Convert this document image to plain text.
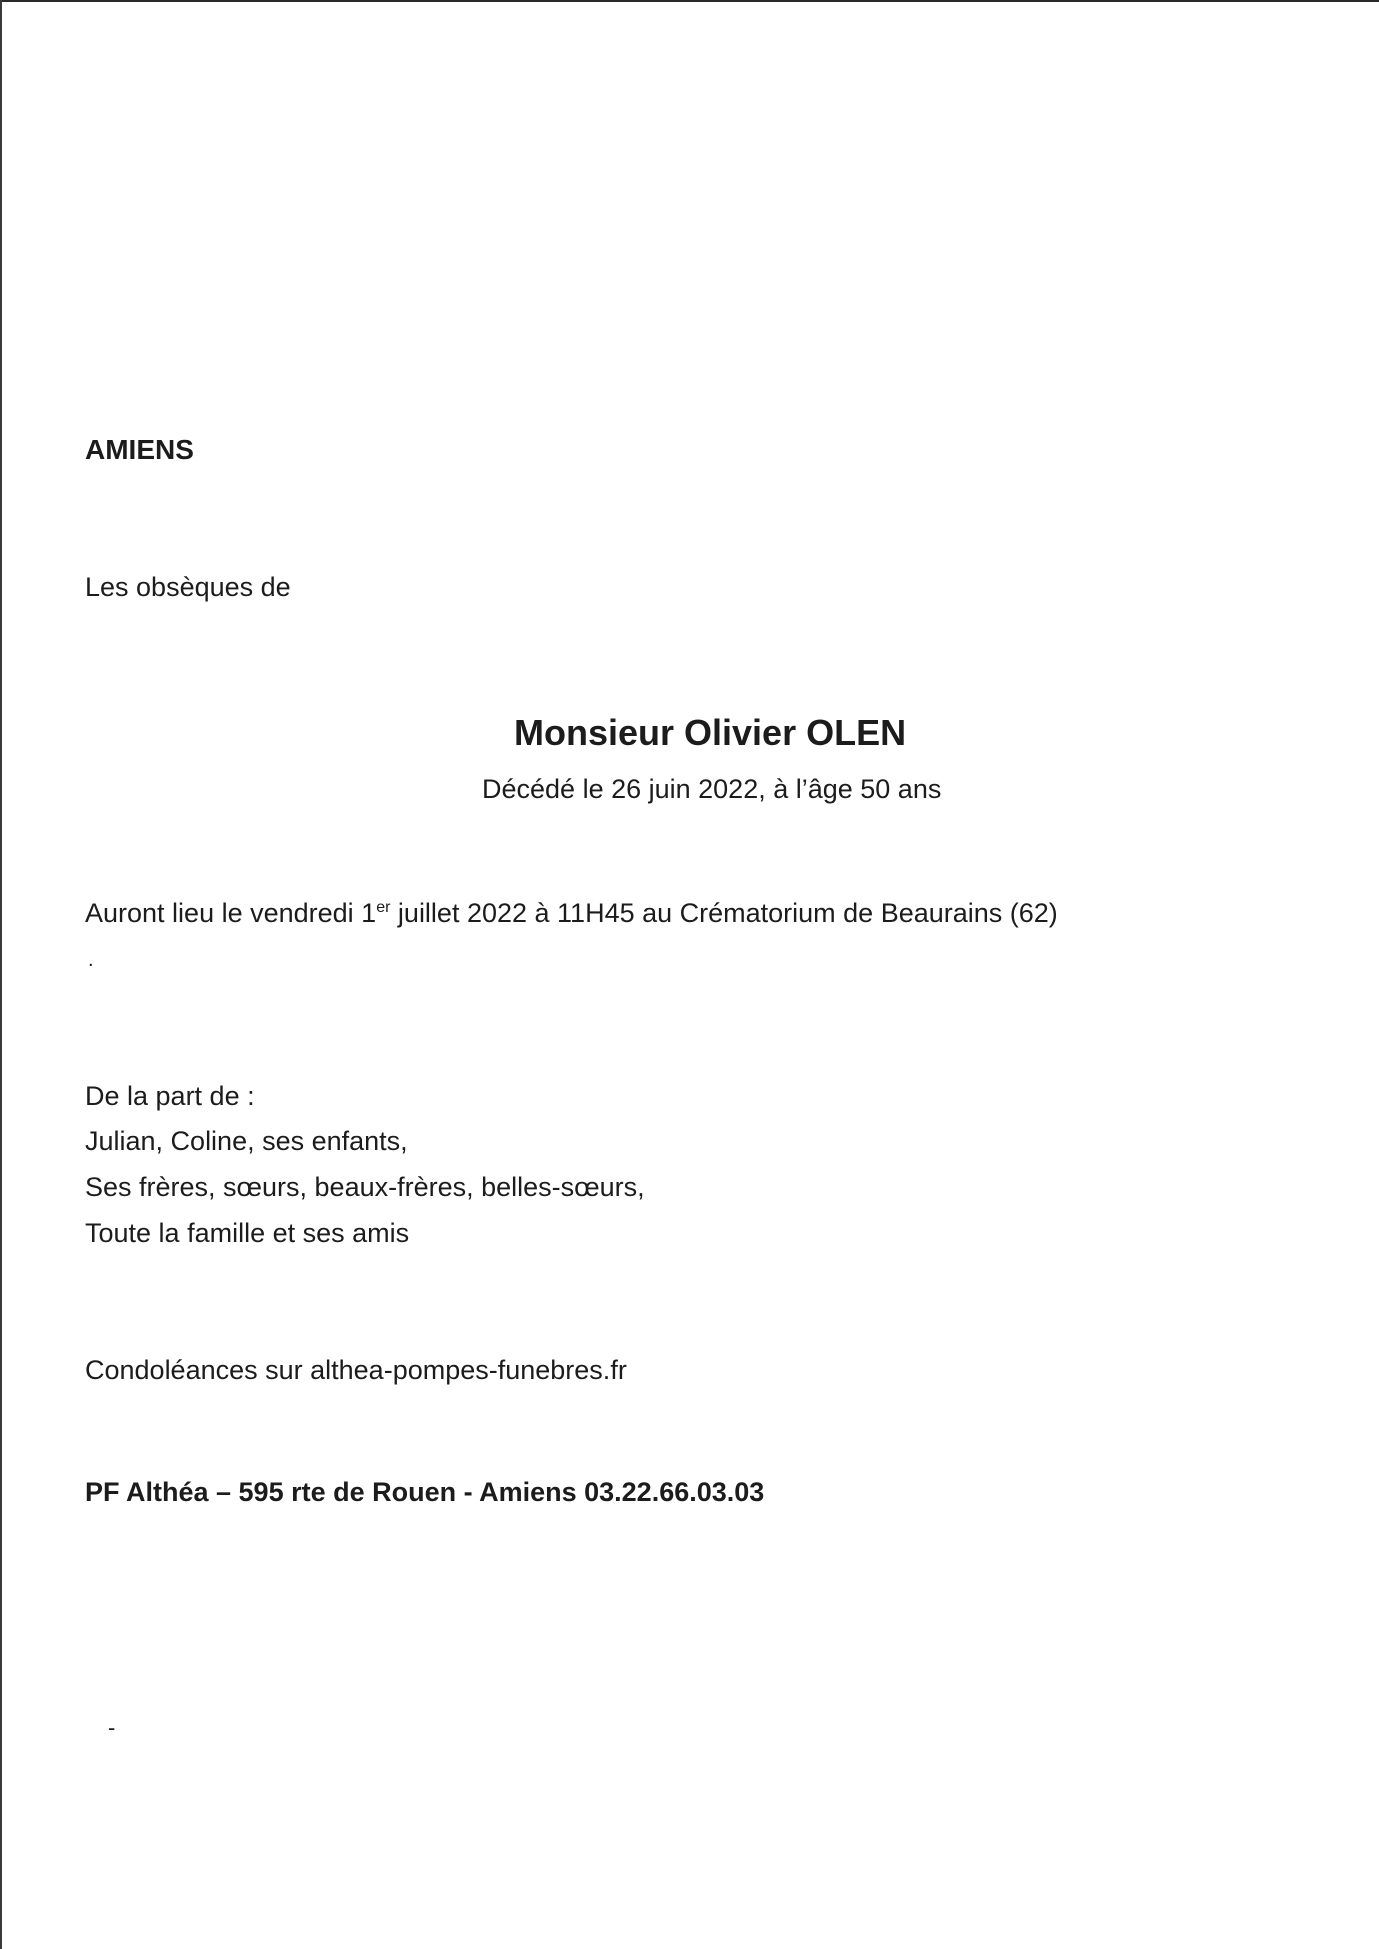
AMIENS
Les obsèques de
Monsieur Olivier OLEN
Décédé le 26 juin 2022, à l’âge 50 ans
Auront lieu le vendredi 1er juillet 2022 à 11H45 au Crématorium de Beaurains (62)
.
De la part de :
Julian, Coline, ses enfants,
Ses frères, sœurs, beaux-frères, belles-sœurs,
Toute la famille et ses amis
Condoléances sur althea-pompes-funebres.fr
PF Althéa – 595 rte de Rouen - Amiens 03.22.66.03.03
-
